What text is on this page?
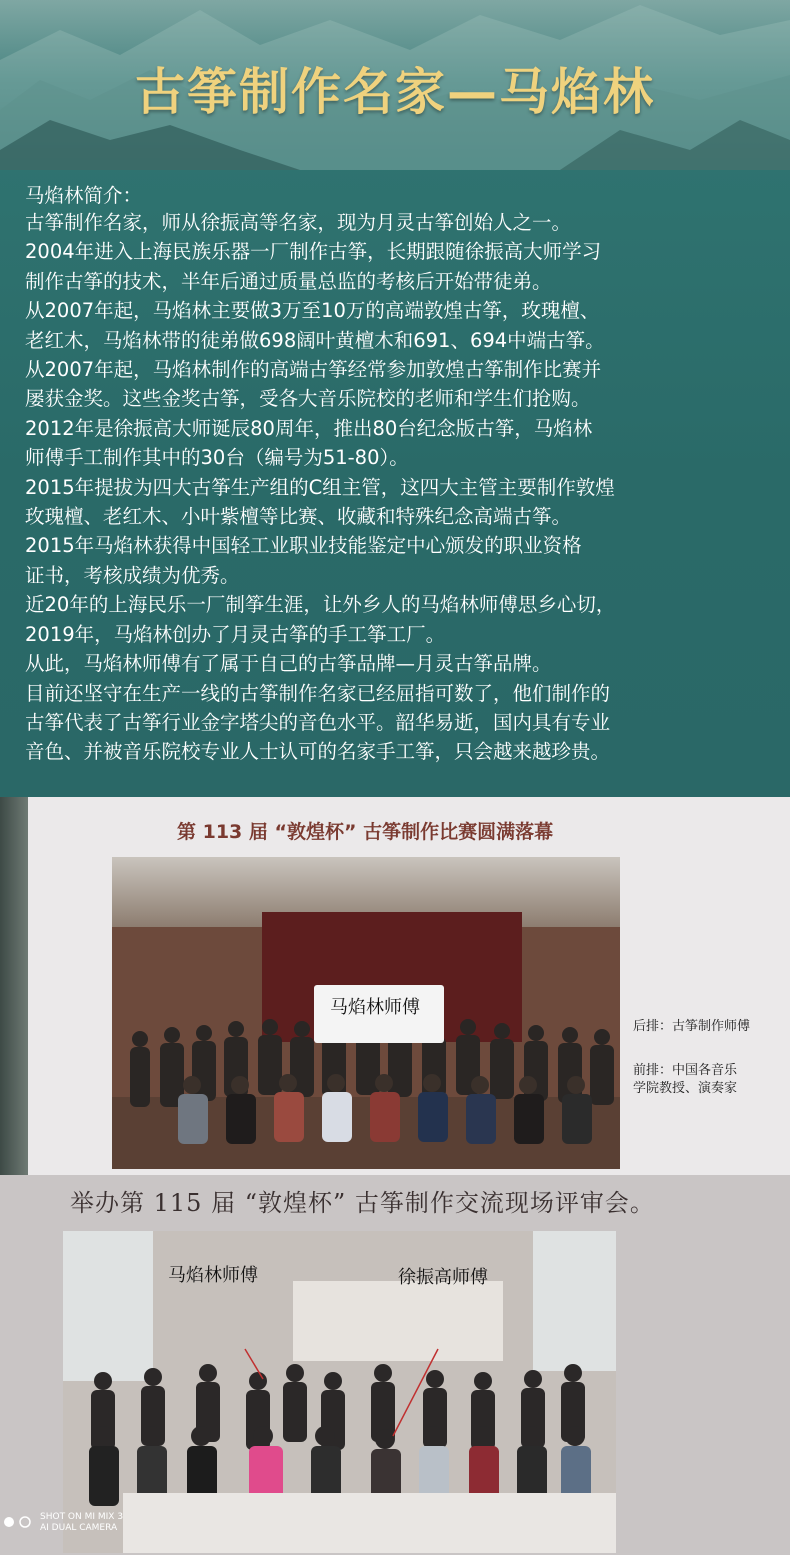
古筝制作名家—马焰林
马焰林简介：
古筝制作名家，师从徐振高等名家，现为月灵古筝创始人之一。
2004年进入上海民族乐器一厂制作古筝，长期跟随徐振高大师学习
制作古筝的技术，半年后通过质量总监的考核后开始带徒弟。
从2007年起，马焰林主要做3万至10万的高端敦煌古筝，玫瑰檀、
老红木，马焰林带的徒弟做698阔叶黄檀木和691、694中端古筝。
从2007年起，马焰林制作的高端古筝经常参加敦煌古筝制作比赛并
屡获金奖。这些金奖古筝，受各大音乐院校的老师和学生们抢购。
2012年是徐振高大师诞辰80周年，推出80台纪念版古筝，马焰林
师傅手工制作其中的30台（编号为51-80）。
2015年提拔为四大古筝生产组的C组主管，这四大主管主要制作敦煌
玫瑰檀、老红木、小叶紫檀等比赛、收藏和特殊纪念高端古筝。
2015年马焰林获得中国轻工业职业技能鉴定中心颁发的职业资格
证书，考核成绩为优秀。
近20年的上海民乐一厂制筝生涯，让外乡人的马焰林师傅思乡心切，
2019年，马焰林创办了月灵古筝的手工筝工厂。
从此，马焰林师傅有了属于自己的古筝品牌—月灵古筝品牌。
目前还坚守在生产一线的古筝制作名家已经屈指可数了，他们制作的
古筝代表了古筝行业金字塔尖的音色水平。韶华易逝，国内具有专业
音色、并被音乐院校专业人士认可的名家手工筝，只会越来越珍贵。
第 113 届 “敦煌杯” 古筝制作比赛圆满落幕
马焰林师傅
后排：古筝制作师傅
前排：中国各音乐
学院教授、演奏家
举办第 115 届 “敦煌杯” 古筝制作交流现场评审会。
马焰林师傅	徐振高师傅
SHOT ON MI MIX 3
AI DUAL CAMERA
